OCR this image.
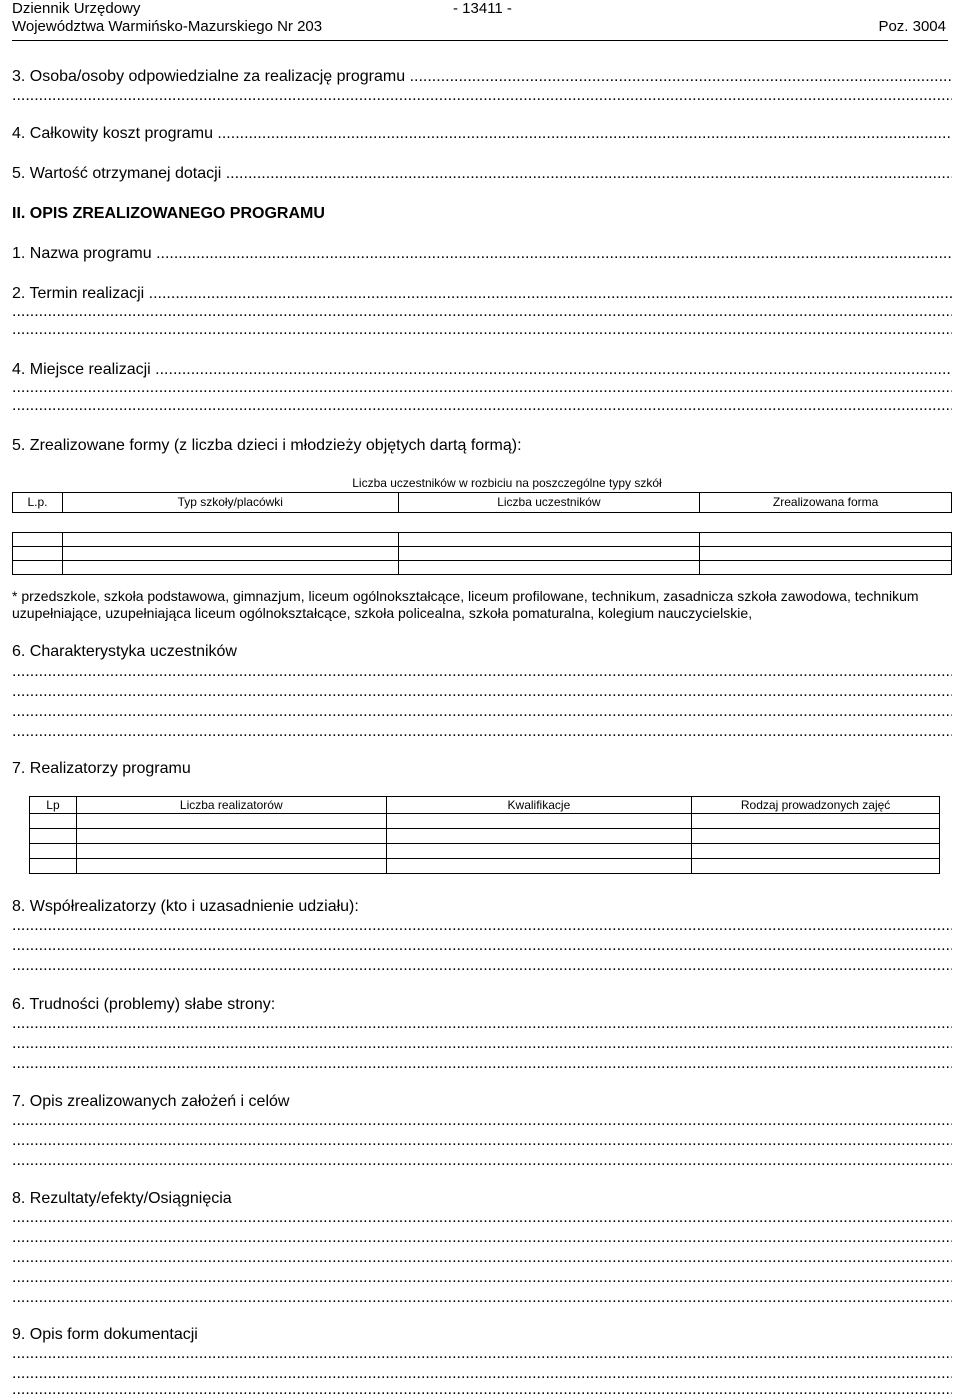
Dziennik Urzędowy
Województwa Warmińsko-Mazurskiego Nr 203
- 13411 -
Poz. 3004
3. Osoba/osoby odpowiedzialne za realizację programu .....
.....
4. Całkowity koszt programu .....
5. Wartość otrzymanej dotacji .....
II. OPIS ZREALIZOWANEGO PROGRAMU
1. Nazwa programu .....
2. Termin realizacji .....
.....
.....
4. Miejsce realizacji .....
.....
.....
5. Zrealizowane formy (z liczba dzieci i młodzieży objętych dartą formą):
	Liczba uczestników w rozbiciu na poszczególne typy szkół		
L.p.	Typ szkoły/placówki	Liczba uczestników	Zrealizowana forma

* przedszkole, szkoła podstawowa, gimnazjum, liceum ogólnokształcące, liceum profilowane, technikum, zasadnicza szkoła zawodowa, technikum uzupełniające, uzupełniająca liceum ogólnokształcące, szkoła policealna, szkoła pomaturalna, kolegium nauczycielskie,
6. Charakterystyka uczestników
.....
.....
.....
.....
7. Realizatorzy programu
Lp	Liczba realizatorów	Kwalifikacje	Rodzaj prowadzonych zajęć

8. Współrealizatorzy (kto i uzasadnienie udziału):
.....
.....
.....
6. Trudności (problemy) słabe strony:
.....
.....
.....
7. Opis zrealizowanych założeń i celów
.....
.....
.....
8. Rezultaty/efekty/Osiągnięcia
.....
.....
.....
.....
.....
9. Opis form dokumentacji
.....
.....
.....
